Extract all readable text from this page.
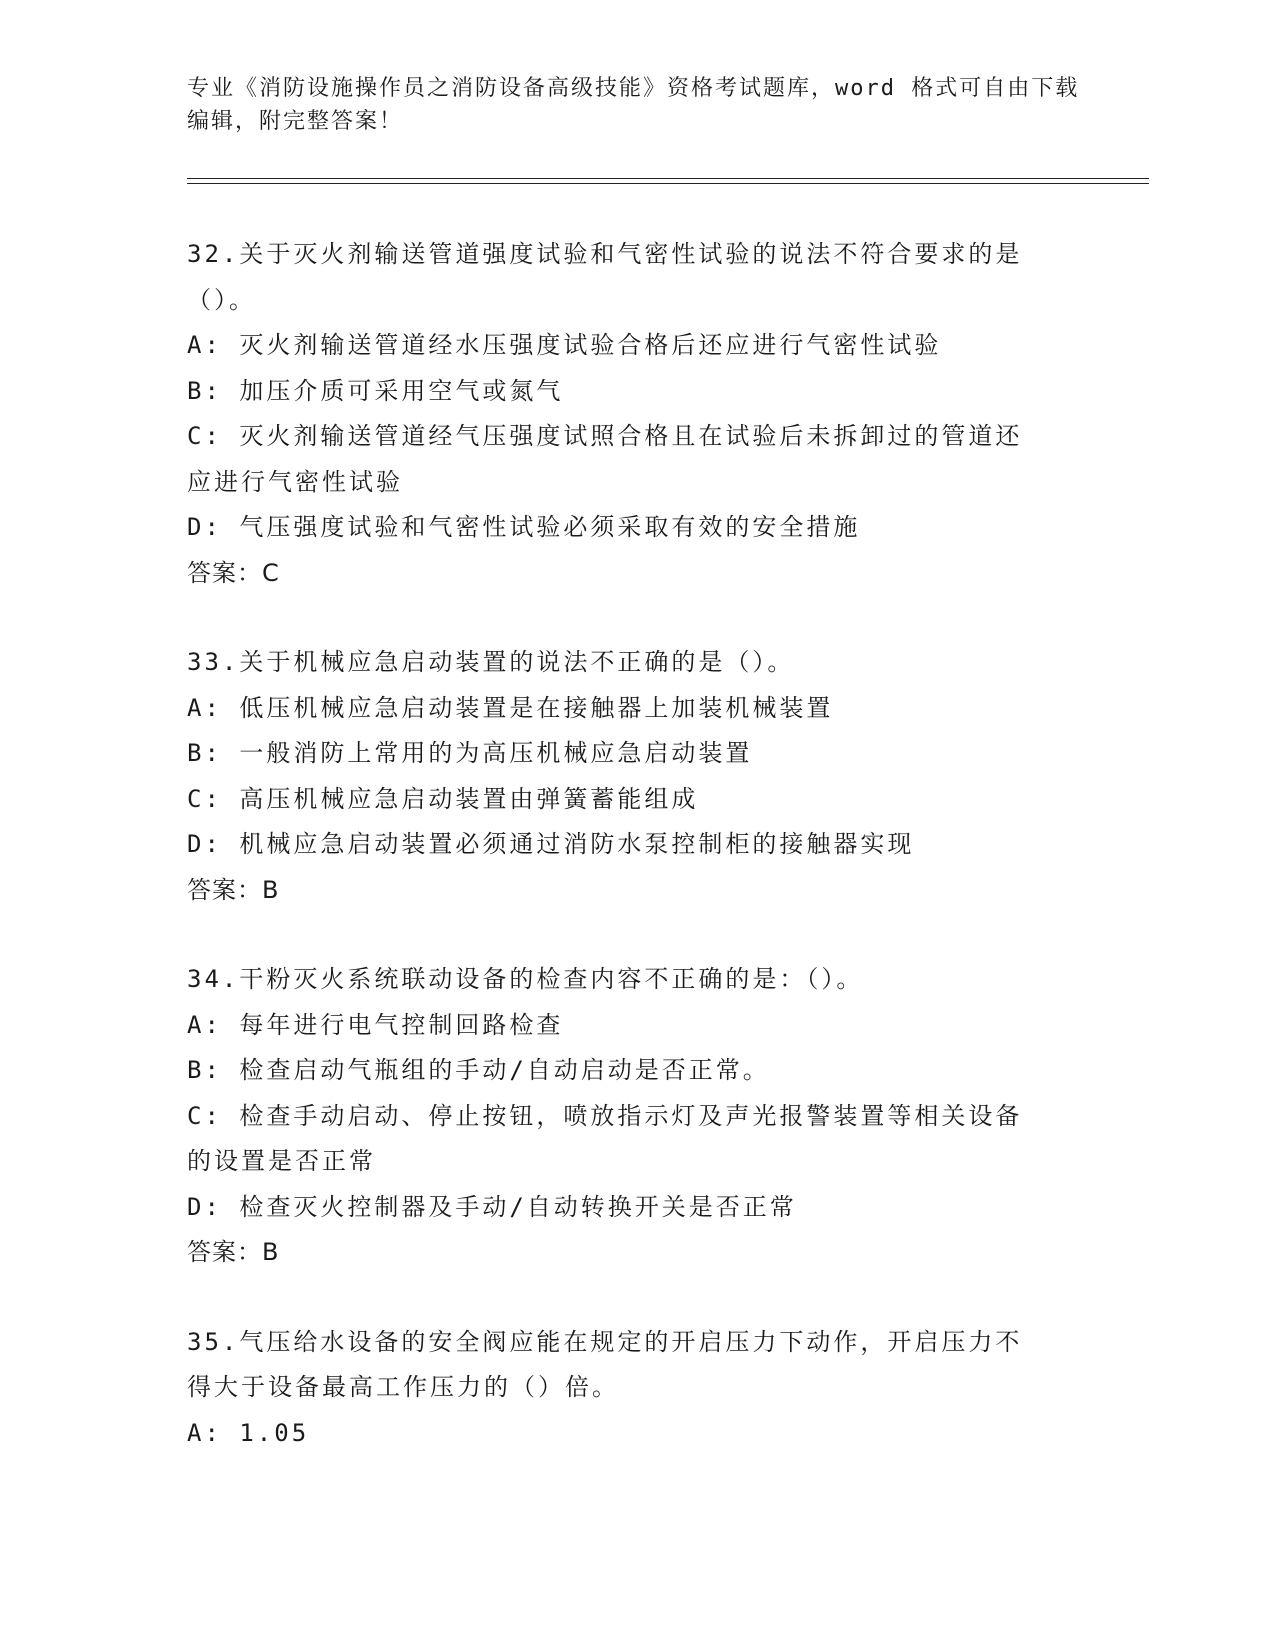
专业《消防设施操作员之消防设备高级技能》资格考试题库，word 格式可自由下载编辑，附完整答案！
32.关于灭火剂输送管道强度试验和气密性试验的说法不符合要求的是
（）。
A: 灭火剂输送管道经水压强度试验合格后还应进行气密性试验
B: 加压介质可采用空气或氮气
C: 灭火剂输送管道经气压强度试照合格且在试验后未拆卸过的管道还
应进行气密性试验
D: 气压强度试验和气密性试验必须采取有效的安全措施
答案：C
33.关于机械应急启动装置的说法不正确的是（）。
A: 低压机械应急启动装置是在接触器上加装机械装置
B: 一般消防上常用的为高压机械应急启动装置
C: 高压机械应急启动装置由弹簧蓄能组成
D: 机械应急启动装置必须通过消防水泵控制柜的接触器实现
答案：B
34.干粉灭火系统联动设备的检查内容不正确的是：（）。
A: 每年进行电气控制回路检查
B: 检查启动气瓶组的手动/自动启动是否正常。
C: 检查手动启动、停止按钮，喷放指示灯及声光报警装置等相关设备
的设置是否正常
D: 检查灭火控制器及手动/自动转换开关是否正常
答案：B
35.气压给水设备的安全阀应能在规定的开启压力下动作，开启压力不
得大于设备最高工作压力的（）倍。
A: 1.05
